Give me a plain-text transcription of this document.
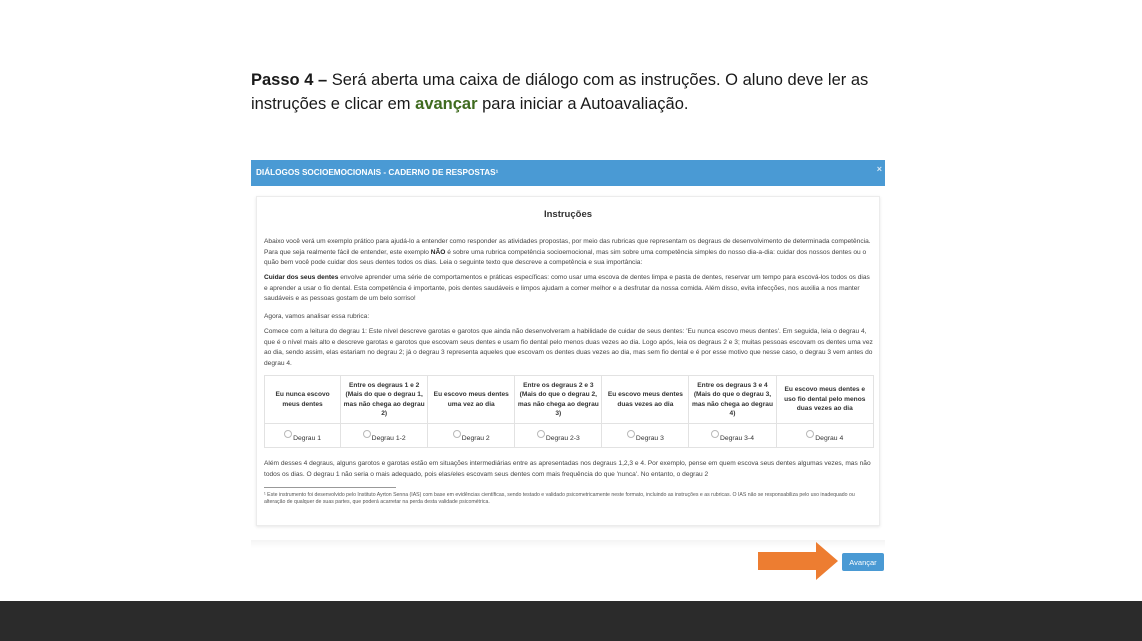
Passo 4 – Será aberta uma caixa de diálogo com as instruções. O aluno deve ler as instruções e clicar em avançar para iniciar a Autoavaliação.
DIÁLOGOS SOCIOEMOCIONAIS - CADERNO DE RESPOSTAS¹	×
Instruções
Abaixo você verá um exemplo prático para ajudá-lo a entender como responder as atividades propostas, por meio das rubricas que representam os degraus de desenvolvimento de determinada competência. Para que seja realmente fácil de entender, este exemplo NÃO é sobre uma rubrica competência socioemocional, mas sim sobre uma competência simples do nosso dia-a-dia: cuidar dos nossos dentes ou o quão bem você pode cuidar dos seus dentes todos os dias. Leia o seguinte texto que descreve a competência e sua importância:
Cuidar dos seus dentes envolve aprender uma série de comportamentos e práticas específicas: como usar uma escova de dentes limpa e pasta de dentes, reservar um tempo para escová-los todos os dias e aprender a usar o fio dental. Esta competência é importante, pois dentes saudáveis e limpos ajudam a comer melhor e a desfrutar da nossa comida. Além disso, evita infecções, nos auxilia a nos manter saudáveis e as pessoas gostam de um belo sorriso!
Agora, vamos analisar essa rubrica:
Comece com a leitura do degrau 1: Este nível descreve garotas e garotos que ainda não desenvolveram a habilidade de cuidar de seus dentes: 'Eu nunca escovo meus dentes'. Em seguida, leia o degrau 4, que é o nível mais alto e descreve garotas e garotos que escovam seus dentes e usam fio dental pelo menos duas vezes ao dia. Logo após, leia os degraus 2 e 3; muitas pessoas escovam os dentes uma vez ao dia, sendo assim, elas estariam no degrau 2; já o degrau 3 representa aqueles que escovam os dentes duas vezes ao dia, mas sem fio dental e é por esse motivo que nesse caso, o degrau 3 vem antes do degrau 4.
Eu nunca escovo meus dentes	Entre os degraus 1 e 2 (Mais do que o degrau 1, mas não chega ao degrau 2)	Eu escovo meus dentes uma vez ao dia	Entre os degraus 2 e 3 (Mais do que o degrau 2, mas não chega ao degrau 3)	Eu escovo meus dentes duas vezes ao dia	Entre os degraus 3 e 4 (Mais do que o degrau 3, mas não chega ao degrau 4)	Eu escovo meus dentes e uso fio dental pelo menos duas vezes ao dia
Degrau 1	Degrau 1-2	Degrau 2	Degrau 2-3	Degrau 3	Degrau 3-4	Degrau 4
Além desses 4 degraus, alguns garotos e garotas estão em situações intermediárias entre as apresentadas nos degraus 1,2,3 e 4. Por exemplo, pense em quem escova seus dentes algumas vezes, mas não todos os dias. O degrau 1 não seria o mais adequado, pois elas/eles escovam seus dentes com mais frequência do que 'nunca'. No entanto, o degrau 2
¹ Este instrumento foi desenvolvido pelo Instituto Ayrton Senna (IAS) com base em evidências científicas, sendo testado e validado psicometricamente neste formato, incluindo as instruções e as rubricas. O IAS não se responsabiliza pelo uso inadequado ou alteração de qualquer de suas partes, que poderá acarretar na perda desta validade psicométrica.
Avançar
